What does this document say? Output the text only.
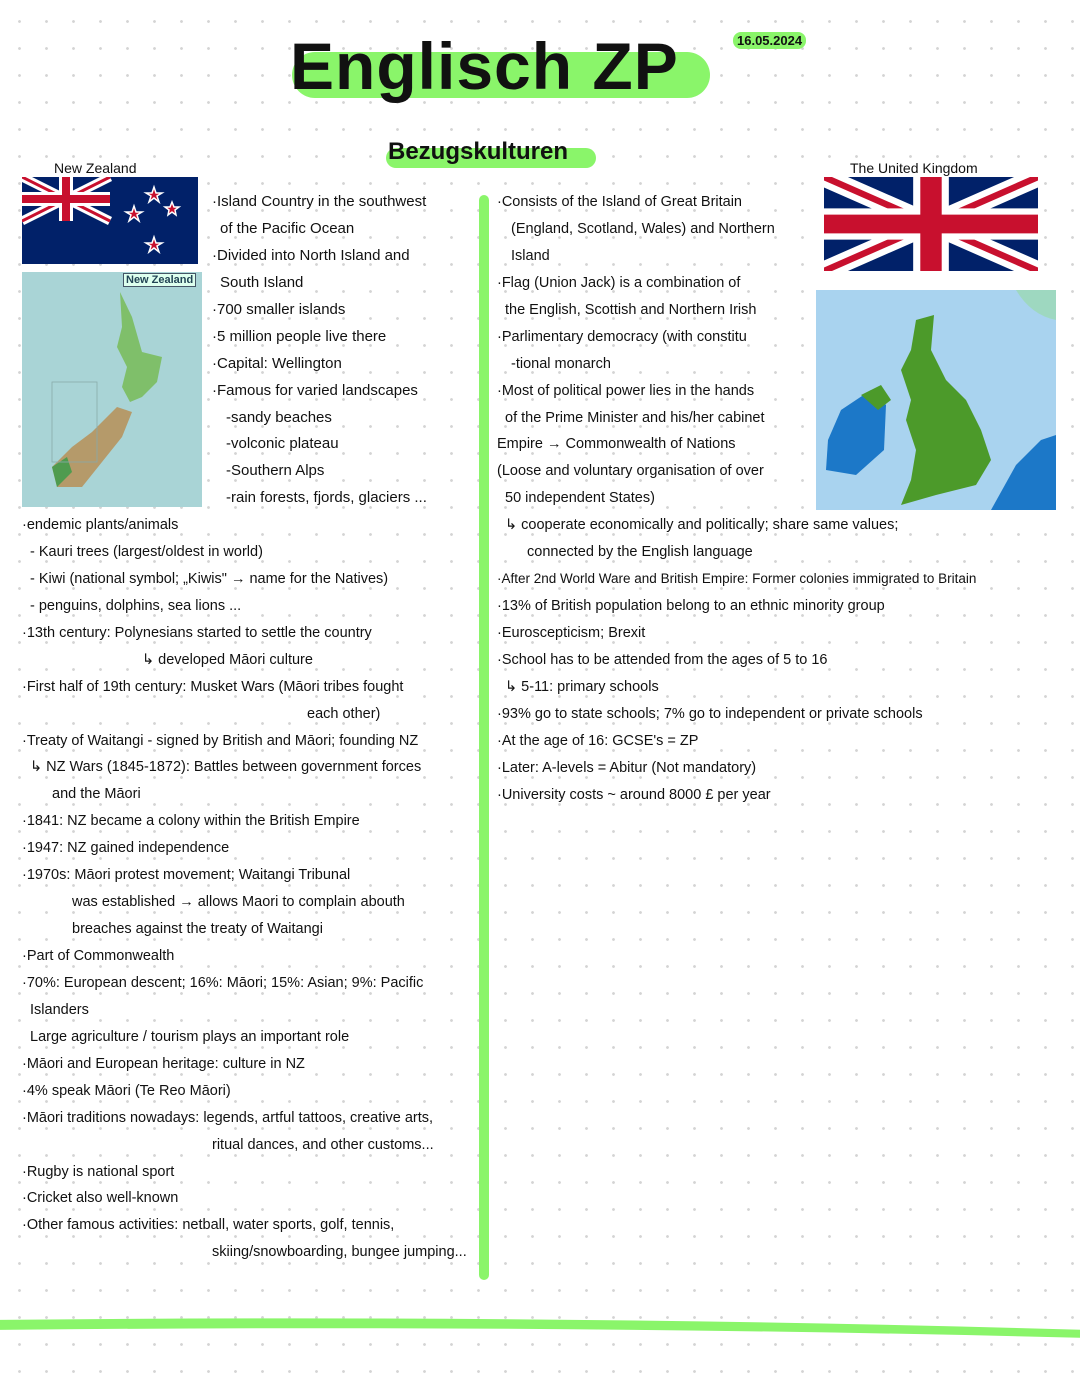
Englisch ZP	16.05.2024
Bezugskulturen
New Zealand
New Zealand
·Island Country in the southwest
of the Pacific Ocean
·Divided into North Island and
South Island
·700 smaller islands
·5 million people live there
·Capital: Wellington
·Famous for varied landscapes
-sandy beaches
-volconic plateau
-Southern Alps
-rain forests, fjords, glaciers ...
·endemic plants/animals
- Kauri trees (largest/oldest in world)
- Kiwi (national symbol; „Kiwis" → name for the Natives)
- penguins, dolphins, sea lions ...
·13th century: Polynesians started to settle the country
↳ developed Māori culture
·First half of 19th century: Musket Wars (Māori tribes fought
each other)
·Treaty of Waitangi - signed by British and Māori; founding NZ
↳ NZ Wars (1845-1872): Battles between government forces
and the Māori
·1841: NZ became a colony within the British Empire
·1947: NZ gained independence
·1970s: Māori protest movement; Waitangi Tribunal
was established → allows Maori to complain abouth
breaches against the treaty of Waitangi
·Part of Commonwealth
·70%: European descent; 16%: Māori; 15%: Asian; 9%: Pacific
Islanders
Large agriculture / tourism plays an important role
·Māori and European heritage: culture in NZ
·4% speak Māori (Te Reo Māori)
·Māori traditions nowadays: legends, artful tattoos, creative arts,
ritual dances, and other customs...
·Rugby is national sport
·Cricket also well-known
·Other famous activities: netball, water sports, golf, tennis,
skiing/snowboarding, bungee jumping...
The United Kingdom
·Consists of the Island of Great Britain
(England, Scotland, Wales) and Northern
Island
·Flag (Union Jack) is a combination of
the English, Scottish and Northern Irish
·Parlimentary democracy (with constitu
-tional monarch
·Most of political power lies in the hands
of the Prime Minister and his/her cabinet
Empire → Commonwealth of Nations
(Loose and voluntary organisation of over
50 independent States)
↳ cooperate economically and politically; share same values;
connected by the English language
·After 2nd World Ware and British Empire: Former colonies immigrated to Britain
·13% of British population belong to an ethnic minority group
·Euroscepticism; Brexit
·School has to be attended from the ages of 5 to 16
↳ 5-11: primary schools
·93% go to state schools; 7% go to independent or private schools
·At the age of 16: GCSE's = ZP
·Later: A-levels = Abitur (Not mandatory)
·University costs ~ around 8000 £ per year
